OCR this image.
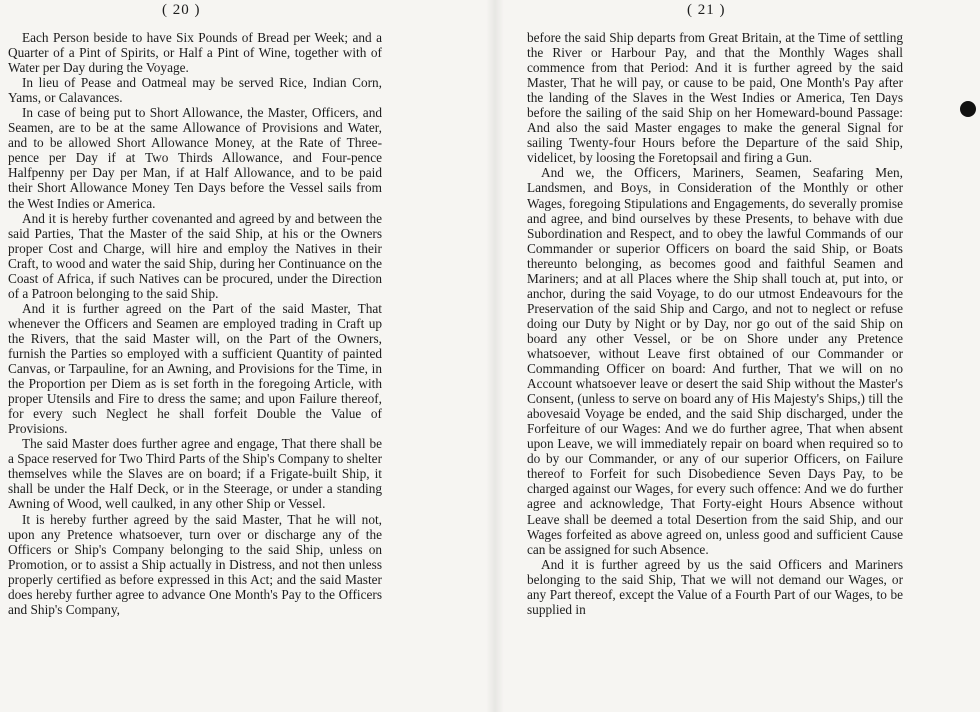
( 20 )

Each Person beside to have Six Pounds of Bread per Week; and a Quarter of a Pint of Spirits, or Half a Pint of Wine, together with of Water per Day during the Voyage.

In lieu of Pease and Oatmeal may be served Rice, Indian Corn, Yams, or Calavances.

In case of being put to Short Allowance, the Master, Officers, and Seamen, are to be at the same Allowance of Provisions and Water, and to be allowed Short Allowance Money, at the Rate of Three-pence per Day if at Two Thirds Allowance, and Four-pence Halfpenny per Day per Man, if at Half Allowance, and to be paid their Short Allowance Money Ten Days before the Vessel sails from the West Indies or America.

And it is hereby further covenanted and agreed by and between the said Parties, That the Master of the said Ship, at his or the Owners proper Cost and Charge, will hire and employ the Natives in their Craft, to wood and water the said Ship, during her Continuance on the Coast of Africa, if such Natives can be procured, under the Direction of a Patroon belonging to the said Ship.

And it is further agreed on the Part of the said Master, That whenever the Officers and Seamen are employed trading in Craft up the Rivers, that the said Master will, on the Part of the Owners, furnish the Parties so employed with a sufficient Quantity of painted Canvas, or Tarpauline, for an Awning, and Provisions for the Time, in the Proportion per Diem as is set forth in the foregoing Article, with proper Utensils and Fire to dress the same; and upon Failure thereof, for every such Neglect he shall forfeit Double the Value of Provisions.

The said Master does further agree and engage, That there shall be a Space reserved for Two Third Parts of the Ship's Company to shelter themselves while the Slaves are on board; if a Frigate-built Ship, it shall be under the Half Deck, or in the Steerage, or under a standing Awning of Wood, well caulked, in any other Ship or Vessel.

It is hereby further agreed by the said Master, That he will not, upon any Pretence whatsoever, turn over or discharge any of the Officers or Ship's Company belonging to the said Ship, unless on Promotion, or to assist a Ship actually in Distress, and not then unless properly certified as before expressed in this Act; and the said Master does hereby further agree to advance One Month's Pay to the Officers and Ship's Company,

( 21 )

before the said Ship departs from Great Britain, at the Time of settling the River or Harbour Pay, and that the Monthly Wages shall commence from that Period: And it is further agreed by the said Master, That he will pay, or cause to be paid, One Month's Pay after the landing of the Slaves in the West Indies or America, Ten Days before the sailing of the said Ship on her Homeward-bound Passage: And also the said Master engages to make the general Signal for sailing Twenty-four Hours before the Departure of the said Ship, videlicet, by loosing the Foretopsail and firing a Gun.

And we, the Officers, Mariners, Seamen, Seafaring Men, Landsmen, and Boys, in Consideration of the Monthly or other Wages, foregoing Stipulations and Engagements, do severally promise and agree, and bind ourselves by these Presents, to behave with due Subordination and Respect, and to obey the lawful Commands of our Commander or superior Officers on board the said Ship, or Boats thereunto belonging, as becomes good and faithful Seamen and Mariners; and at all Places where the Ship shall touch at, put into, or anchor, during the said Voyage, to do our utmost Endeavours for the Preservation of the said Ship and Cargo, and not to neglect or refuse doing our Duty by Night or by Day, nor go out of the said Ship on board any other Vessel, or be on Shore under any Pretence whatsoever, without Leave first obtained of our Commander or Commanding Officer on board: And further, That we will on no Account whatsoever leave or desert the said Ship without the Master's Consent, (unless to serve on board any of His Majesty's Ships,) till the abovesaid Voyage be ended, and the said Ship discharged, under the Forfeiture of our Wages: And we do further agree, That when absent upon Leave, we will immediately repair on board when required so to do by our Commander, or any of our superior Officers, on Failure thereof to Forfeit for such Disobedience Seven Days Pay, to be charged against our Wages, for every such offence: And we do further agree and acknowledge, That Forty-eight Hours Absence without Leave shall be deemed a total Desertion from the said Ship, and our Wages forfeited as above agreed on, unless good and sufficient Cause can be assigned for such Absence.

And it is further agreed by us the said Officers and Mariners belonging to the said Ship, That we will not demand our Wages, or any Part thereof, except the Value of a Fourth Part of our Wages, to be supplied in
